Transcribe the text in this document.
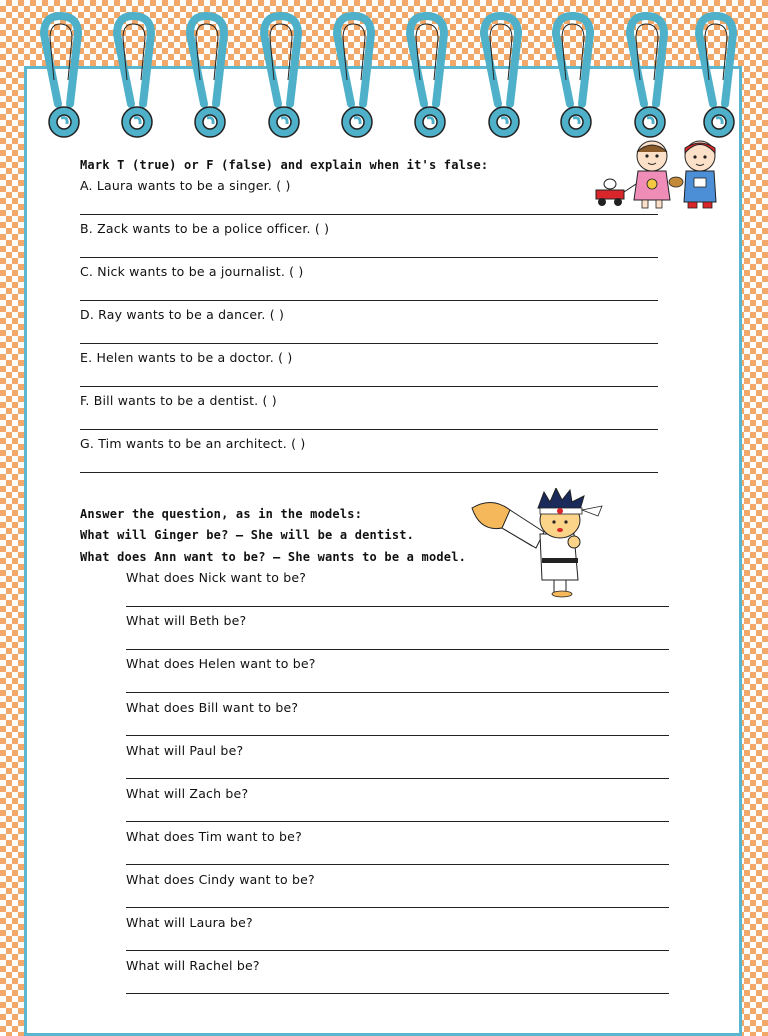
Mark T (true) or F (false) and explain when it's false:
A. Laura wants to be a singer. ( )
B. Zack wants to be a police officer. ( )
C. Nick wants to be a journalist. ( )
D. Ray wants to be a dancer. ( )
E. Helen wants to be a doctor. ( )
F. Bill wants to be a dentist. ( )
G. Tim wants to be an architect. ( )
Answer the question, as in the models:
What will Ginger be? – She will be a dentist.
What does Ann want to be? – She wants to be a model.
What does Nick want to be?
What will Beth be?
What does Helen want to be?
What does Bill want to be?
What will Paul be?
What will Zach be?
What does Tim want to be?
What does Cindy want to be?
What will Laura be?
What will Rachel be?
